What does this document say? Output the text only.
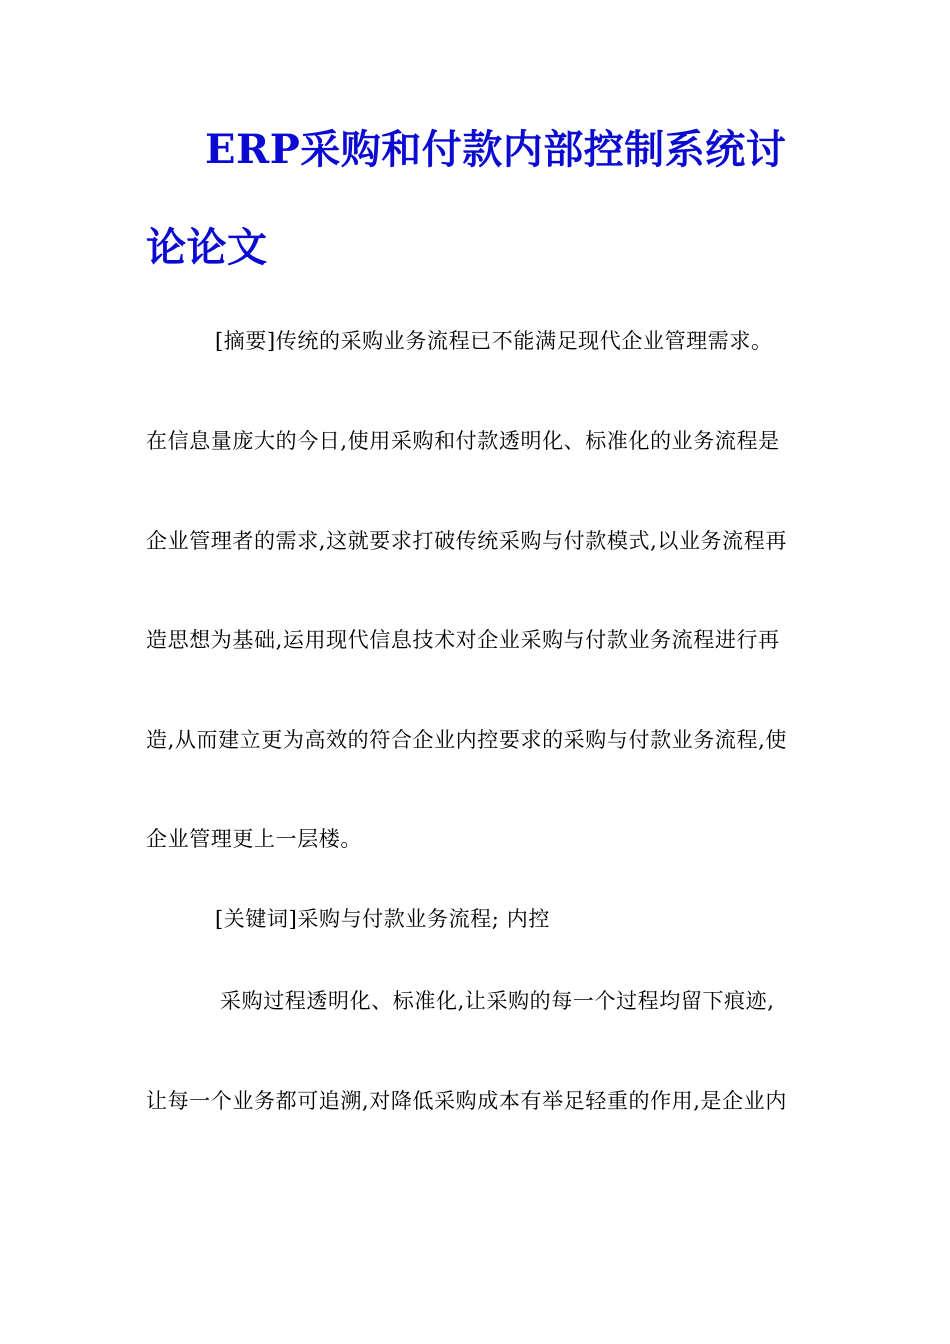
ERP采购和付款内部控制系统讨
论论文
[摘要]传统的采购业务流程已不能满足现代企业管理需求。
在信息量庞大的今日,使用采购和付款透明化、标准化的业务流程是
企业管理者的需求,这就要求打破传统采购与付款模式,以业务流程再
造思想为基础,运用现代信息技术对企业采购与付款业务流程进行再
造,从而建立更为高效的符合企业内控要求的采购与付款业务流程,使
企业管理更上一层楼。
[关键词]采购与付款业务流程; 内控
采购过程透明化、标准化,让采购的每一个过程均留下痕迹,
让每一个业务都可追溯,对降低采购成本有举足轻重的作用,是企业内
